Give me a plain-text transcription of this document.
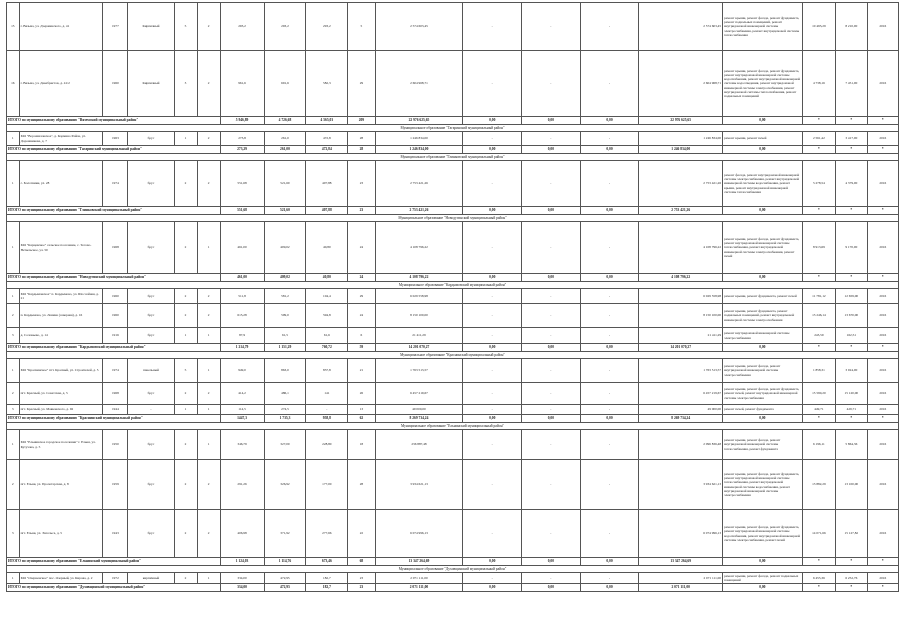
15	г. Вязьма, ул. Дзержинского, д. 41	1977	Кирпичный	5	2	293,2	293,2	293,2	5	2 574 603,45	-	-	-	2 574 603,45	ремонт крыши, ремонт фасада, ремонт фундамента, ремонт подвальных помещений, ремонт внутридомовой инженерной системы электроснабжения, ремонт внутридомовой системы теплоснабжения	10 493,29	8 210,00	2016
16	г. Вязьма, ул. Декабристов, д. 41/2	1960	Кирпичный	3	2	961,6	691,6	582,3	29	2 604 968,71	-	-	-	2 604 968,71	ремонт крыши, ремонт фасада, ремонт фундамента, ремонт внутридомовой инженерной системы водоснабжения, ремонт внутридомовой инженерной системы водоотведения, ремонт внутридомовой инженерной системы электроснабжения, ремонт внутридомовой системы теплоснабжения, ремонт подвальных помещений	4 738,16	7 451,00	2016
ИТОГО по муниципальному образованию "Вяземский муниципальный район"						5 946,89	4 726,68	4 565,03	209	22 976 625,65	0,00	0,00	0,00	22 976 625,65	0,00	*	*	*
Муниципальное образование "Гагаринский муниципальный район"																		
1	МО "Ворошиловское", д. Кормино Район, ул. Дорожникова, д. 7	1963	брус	1	2	273,8	261,0	472,8	28	1 246 834,00	-	-	-	1 246 834,00	ремонт крыши, ремонт печей	2 561,42	3 417,00	2016
ИТОГО по муниципальному образованию "Гагаринский муниципальный район"						273,29	261,00	472,84	28	1 246 834,00	0,00	0,00	0,00	1 246 834,00	0,00	*	*	*
Муниципальное образование "Глинковский муниципальный район"																		
1	с. Болотники, ул. 28	1974	брус	2	2	551,68	521,60	407,88	23	2 753 421,26	-	-	-	2 753 421,26	ремонт фасада, ремонт внутридомовой инженерной системы электроснабжения, ремонт внутридомовой инженерной системы водоснабжения, ремонт крыши, ремонт внутридомовой инженерной системы теплоснабжения	5 278,54	4 379,00	2016
ИТОГО по муниципальному образованию "Глинковский муниципальный район"						551,68	521,60	407,88	23	2 753 421,26	0,00	0,00	0,00	2 753 421,26	0,00	*	*	*
Муниципальное образование "Новодугинский муниципальный район"																		
1	МО "Карцевское" сельское поселение, с. Тесово-Нетыльское, ул. 50	1968	брус	2	1	461,00	409,02	40,80	24	4 108 796,22	-	-	-	4 108 796,22	ремонт крыши, ремонт фасада, ремонт фундамента, ремонт внутридомовой инженерной системы теплоснабжения, ремонт внутридомовой инженерной системы электроснабжения, ремонт печей	8 913,69	9 170,00	2016
ИТОГО по муниципальному образованию "Новодугинский муниципальный район"						461,00	409,02	40,80	24	4 108 796,22	0,00	0,00	0,00	4 108 796,22	0,00	*	*	*
Муниципальное образование "Кардымовский муниципальный район"																		
1	МО "Кардымовское" п. Кардымово, ул. Шоссейная, д. 21	1960	брус	2	2	511,8	581,2	104,4	29	6 029 558,98	-	-	-	6 029 558,98	ремонт крыши, ремонт фундамента, ремонт печей	11 781,12	12 659,00	2016
2	п. Кардымово, ул. Ленина (северная), д. 16	1960	брус	2	2	615,28	509,0	594,8	24	8 150 100,00	-	-	-	8 150 100,00	ремонт крыши, ремонт фундамента, ремонт подвальных помещений, ремонт внутридомовой инженерной системы электроснабжения	13 246,14	13 670,00	2016
3	д. Соловьево, д. 14	1916	брус	1	1	87,9	61,5	61,6	6	21 411,29	-	-	-	21 411,29	ремонт внутридомовой инженерной системы электроснабжения	243,59	162,51	2016
ИТОГО по муниципальному образованию "Кардымовский муниципальный район"						1 214,79	1 151,29	760,72	59	14 201 070,27	0,00	0,00	0,00	14 201 070,27	0,00	*	*	*
Муниципальное образование "Краснинский муниципальный район"																		
1	МО "Краснинское" пгт. Красный, ул. Строителей, д. 5	1974	панельный	5	1	949,0	863,0	837,8	21	1 763 513,57	-	-	-	1 763 513,57	ремонт крыши, ремонт фасада, ремонт внутридомовой инженерной системы электроснабжения	1 858,31	3 024,00	2016
2	пгт. Красный, ул. Советская, д. 5	1968	брус	2	2	414,2	486,1	141	26	6 457 219,67	-	-	-	6 457 219,67	ремонт крыши, ремонт фасада, ремонт фундамента, ремонт печей, ремонт внутридомовой инженерной системы электроснабжения	15 590,20	15 120,00	2016
3	пгт. Красный, ул. Маяковского, д. 92	1944	-	1	1	114,5	274,5	-	13	49 000,00	-	-	-	49 000,00	ремонт печей, ремонт фундамента	449,71	429,71	2016
ИТОГО по муниципальному образованию "Краснинский муниципальный район"						1447,3	1 735,3	958,8	62	8 269 734,24	0,00	0,00	0,00	8 269 734,24	0,00	*	*	*
Муниципальное образование "Ельнинский муниципальный район"																		
1	МО "Ельнинское городское поселение" г. Ельня, ул. Кутузова, д. 5	1950	брус	2	1	346,79	327,00	228,80	18	236 887,48	-	-	-	2 096 836,48	ремонт крыши, ремонт фасада, ремонт внутридомовой инженерной системы теплоснабжения, ремонт фундамента	6 196,11	5 864,36	2016
2	пгт. Ельня, ул. Пролетарская, д. 8	1959	брус	2	2	291,26	326,92	177,00	28	3 934 621,13	-	-	-	3 934 621,13	ремонт крыши, ремонт фасада, ремонт фундамента, ремонт внутридомовой инженерной системы теплоснабжения, ремонт внутридомовой инженерной системы водоснабжения, ремонт внутридомовой инженерной системы электроснабжения	13 882,29	13 100,00	2016
3	пгт. Ельня, ул. Энгельса, д. 5	1943	брус	2	2	406,98	371,92	277,66	22	6 074 996,13	-	-	-	6 074 996,13	ремонт крыши, ремонт фасада, ремонт фундамента, ремонт внутридомовой инженерной системы водоснабжения, ремонт внутридомовой инженерной системы электроснабжения, ремонт печей	14 071,66	15 127,82	2016
ИТОГО по муниципальному образованию "Ельнинский муниципальный район"						1 124,03	1 114,76	673,46	68	13 347 264,69	0,00	0,00	0,00	13 347 264,69	0,00	*	*	*
Муниципальное образование "Духовщинский муниципальный район"																		
1	МО "Озерненское" пос. Озерный, ул. Кирова, д. 2	1972	кирпичный	2	1	334,00	472,95	182,7	23	2 071 111,00	-	-	-	2 071 111,00	ремонт крыши, ремонт фасада, ремонт подвальных помещений	6 455,36	6 252,76	2016
ИТОГО по муниципальному образованию "Духовщинский муниципальный район"						334,00	472,95	182,7	23	2 071 111,00	0,00	0,00	0,00	2 071 111,00	0,00	*	*	*
